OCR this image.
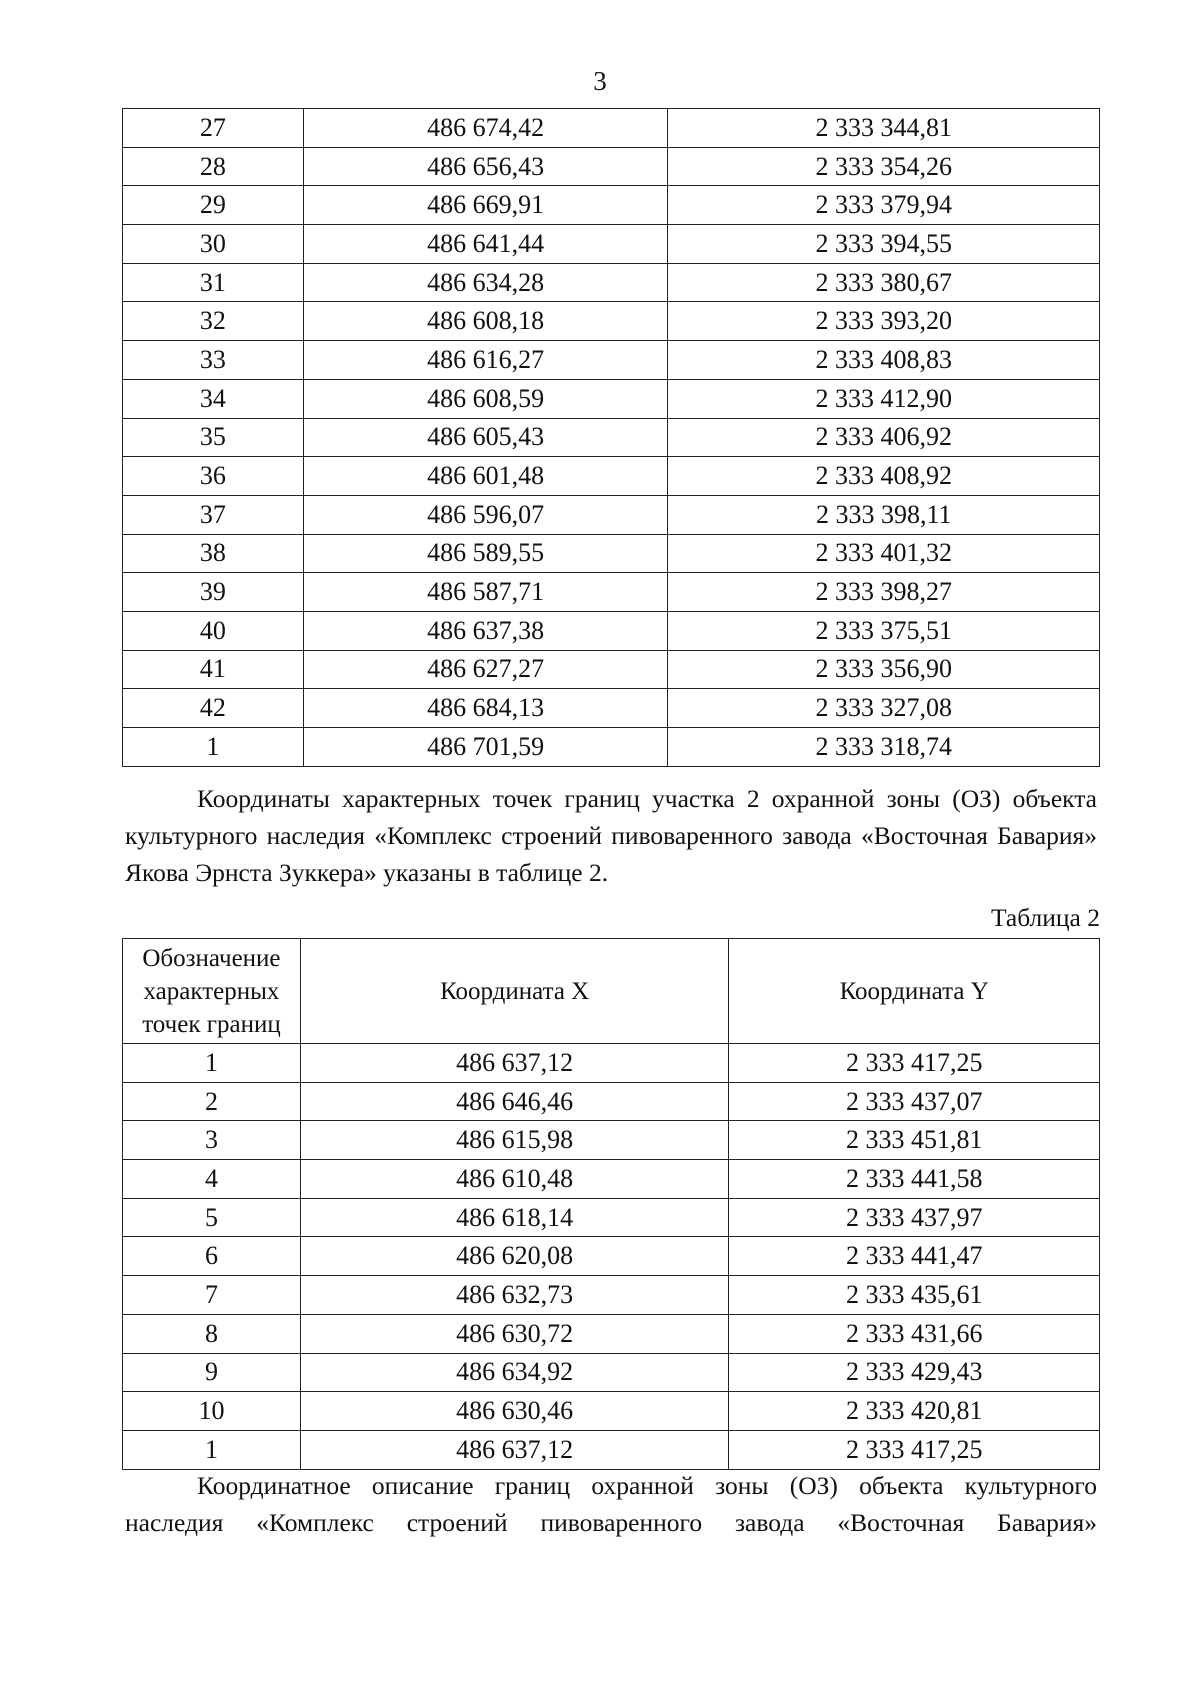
3
27	486 674,42	2 333 344,81
28	486 656,43	2 333 354,26
29	486 669,91	2 333 379,94
30	486 641,44	2 333 394,55
31	486 634,28	2 333 380,67
32	486 608,18	2 333 393,20
33	486 616,27	2 333 408,83
34	486 608,59	2 333 412,90
35	486 605,43	2 333 406,92
36	486 601,48	2 333 408,92
37	486 596,07	2 333 398,11
38	486 589,55	2 333 401,32
39	486 587,71	2 333 398,27
40	486 637,38	2 333 375,51
41	486 627,27	2 333 356,90
42	486 684,13	2 333 327,08
1	486 701,59	2 333 318,74
Координаты характерных точек границ участка 2 охранной зоны (ОЗ) объекта культурного наследия «Комплекс строений пивоваренного завода «Восточная Бавария» Якова Эрнста Зуккера» указаны в таблице 2.
Таблица 2
Обозначение характерных точек границ	Координата X	Координата Y
1	486 637,12	2 333 417,25
2	486 646,46	2 333 437,07
3	486 615,98	2 333 451,81
4	486 610,48	2 333 441,58
5	486 618,14	2 333 437,97
6	486 620,08	2 333 441,47
7	486 632,73	2 333 435,61
8	486 630,72	2 333 431,66
9	486 634,92	2 333 429,43
10	486 630,46	2 333 420,81
1	486 637,12	2 333 417,25
Координатное описание границ охранной зоны (ОЗ) объекта культурного наследия «Комплекс строений пивоваренного завода «Восточная Бавария»
